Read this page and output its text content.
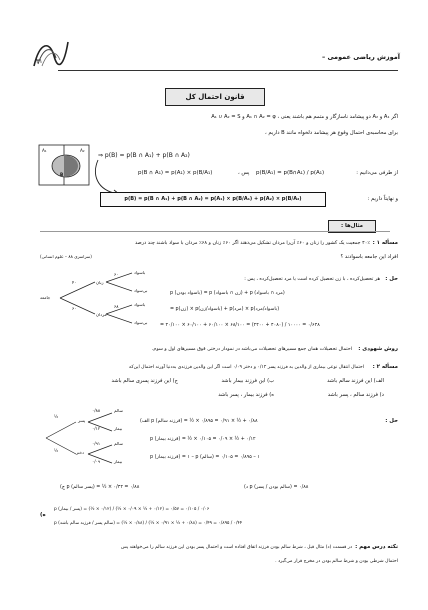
۳۱
آموزش ریاضی عمومی –
قانون احتمال کل
اگر A₁ و A₂ دو پیشامد ناسازگار و متمم هم باشند یعنی ، A₁ ∩ A₂ = φ و A₁ ∪ A₂ = S
برای محاسبه‌ی احتمال وقوع هر پیشامد دلخواه مانند B داریم ،
A₁	A₂
B
⇒ p(B) = p(B ∩ A₁) + p(B ∩ A₂)
از طرفی می‌دانیم :
p(B/A₁) = p(B∩A₁) / p(A₁)
پس ،
p(B ∩ A₁) = p(A₁) × p(B/A₁)
و نهایتاً داریم :
p(B) = p(B ∩ A₁) + p(B ∩ A₂) = p(A₁) × p(B/A₁) + p(A₂) × p(B/A₂)
مثال‌ها :
مسأله ۱ :
۴۰٪ جمعیت یک کشور را زنان و ۶۰٪ آن‌را مردان تشکیل می‌دهند اگر ۶۰٪ زنان و ۶۸٪ مردان با سواد باشند چند درصد
افراد این جامعه باسوادند ؟
(سراسری ۸۸ – علوم انسانی)
جامعه
زنان
مردان
۴۰
۶۰
باسواد
بی‌سواد
باسواد
بی‌سواد
۶۰
۶۸
حل :
هر تحصیل‌کرده ، با زن تحصیل کرده است یا مرد تحصیل‌کرده ، پس :
p (باسواد بودن) = p (زن ∩ باسواد) + p (مرد ∩ باسواد)
= p(زن) × p(باسواد/زن) + p(مرد) × p(باسواد/مرد)
= ۴۰/۱۰۰ × ۶۰/۱۰۰ + ۶۰/۱۰۰ × ۶۸/۱۰۰ = (۲۴۰۰ + ۴۰۸۰) / ۱۰۰۰۰ = ۰/۶۴۸
روش شهودی :
احتمال تحصیلات همان جمع مسیرهای تحصیلات می‌باشد در نمودار درختی فوق مسیرهای اول و سوم.
مسأله ۲ :
احتمال انتقال نوعی بیماری از والدین به فرزند پسر ۰/۱۲ و دختر ۰/۰۹ است اگر این والدین فرزندی به‌دنیا آورند احتمال این‌که
الف) این فرزند سالم باشد
ب) این فرزند بیمار باشد
ج) این فرزند پسری سالم باشد
د) فرزند سالم ، پسر باشد
ه) فرزند بیمار ، پسر باشد
پسر
دختر
½
½
سالم
بیمار
سالم
بیمار
۰/۸۸
۰/۱۲
۰/۹۱
۰/۰۹
حل :
(الف p (فرزند سالم) = ½ × ۰/۸۸ + ½ × ۰/۹۱ = ۰/۸۹۵
p (فرزند بیمار) = ½ × ۰/۱۲ + ½ × ۰/۰۹ = ۰/۱۰۵
p (فرزند بیمار) = ۱ – p (سالم) = ۱ – ۰/۸۹۵ = ۰/۱۰۵
(ج p (پسر سالم) = ½ × ۰/۸۸ = ۰/۴۴	(د p (سالم بودن / پسر) = ۰/۸۸
(ه
p (پسر / بیمار) = (½ × ۰/۱۲) / (½ × ۰/۱۲ + ½ × ۰/۰۹) = ۰/۰۶ / ۰/۱۰۵ = ۰/۵۷
p (سالم پسر / فرزند سالم باشد) = (½ × ۰/۸۸) / (½ × ۰/۸۸ + ½ × ۰/۹۱) = ۰/۴۴ / ۰/۸۹۵ = ۰/۴۹
نکته درس مهم :
در قسمت (د) مثال قبل ، شرط سالم بودن فرزند اتفاق افتاده است و احتمال پسر بودن این فرزند سالم را می‌خواهند پس
احتمال شرطی بودن و شرط سالم بودن در مخرج قرار می‌گیرد .
